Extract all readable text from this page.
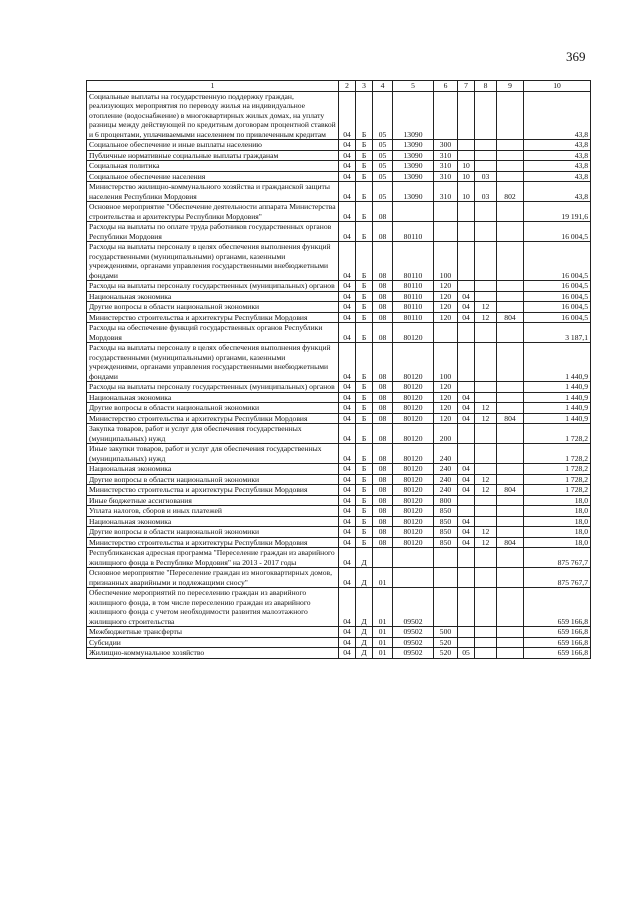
369
1	2	3	4	5	6	7	8	9	10
Социальные выплаты на государственную поддержку граждан, реализующих мероприятия по переводу жилья на индивидуальное отопление (водоснабжение) в многоквартирных жилых домах, на уплату разницы между действующей по кредитным договорам процентной ставкой и 6 процентами, уплачиваемыми населением по привлеченным кредитам	04	Б	05	13090					43,8
Социальное обеспечение и иные выплаты населению	04	Б	05	13090	300				43,8
Публичные нормативные социальные выплаты гражданам	04	Б	05	13090	310				43,8
Социальная политика	04	Б	05	13090	310	10			43,8
Социальное обеспечение населения	04	Б	05	13090	310	10	03		43,8
Министерство жилищно-коммунального хозяйства и гражданской защиты населения Республики Мордовия	04	Б	05	13090	310	10	03	802	43,8
Основное мероприятие "Обеспечение деятельности аппарата Министерства строительства и архитектуры Республики Мордовия"	04	Б	08						19 191,6
Расходы на выплаты по оплате труда работников государственных органов Республики Мордовия	04	Б	08	80110					16 004,5
Расходы на выплаты персоналу в целях обеспечения выполнения функций государственными (муниципальными) органами, казенными учреждениями, органами управления государственными внебюджетными фондами	04	Б	08	80110	100				16 004,5
Расходы на выплаты персоналу государственных (муниципальных) органов	04	Б	08	80110	120				16 004,5
Национальная экономика	04	Б	08	80110	120	04			16 004,5
Другие вопросы в области национальной экономики	04	Б	08	80110	120	04	12		16 004,5
Министерство строительства и архитектуры Республики Мордовия	04	Б	08	80110	120	04	12	804	16 004,5
Расходы на обеспечение функций государственных органов Республики Мордовия	04	Б	08	80120					3 187,1
Расходы на выплаты персоналу в целях обеспечения выполнения функций государственными (муниципальными) органами, казенными учреждениями, органами управления государственными внебюджетными фондами	04	Б	08	80120	100				1 440,9
Расходы на выплаты персоналу государственных (муниципальных) органов	04	Б	08	80120	120				1 440,9
Национальная экономика	04	Б	08	80120	120	04			1 440,9
Другие вопросы в области национальной экономики	04	Б	08	80120	120	04	12		1 440,9
Министерство строительства и архитектуры Республики Мордовия	04	Б	08	80120	120	04	12	804	1 440,9
Закупка товаров, работ и услуг для обеспечения государственных (муниципальных) нужд	04	Б	08	80120	200				1 728,2
Иные закупки товаров, работ и услуг для обеспечения государственных (муниципальных) нужд	04	Б	08	80120	240				1 728,2
Национальная экономика	04	Б	08	80120	240	04			1 728,2
Другие вопросы в области национальной экономики	04	Б	08	80120	240	04	12		1 728,2
Министерство строительства и архитектуры Республики Мордовия	04	Б	08	80120	240	04	12	804	1 728,2
Иные бюджетные ассигнования	04	Б	08	80120	800				18,0
Уплата налогов, сборов и иных платежей	04	Б	08	80120	850				18,0
Национальная экономика	04	Б	08	80120	850	04			18,0
Другие вопросы в области национальной экономики	04	Б	08	80120	850	04	12		18,0
Министерство строительства и архитектуры Республики Мордовия	04	Б	08	80120	850	04	12	804	18,0
Республиканская адресная программа "Переселение граждан из аварийного жилищного фонда в Республике Мордовия" на 2013 - 2017 годы	04	Д							875 767,7
Основное мероприятие "Переселение граждан из многоквартирных домов, признанных аварийными и подлежащими сносу"	04	Д	01						875 767,7
Обеспечение мероприятий по переселению граждан из аварийного жилищного фонда, в том числе переселению граждан из аварийного жилищного фонда с учетом необходимости развития малоэтажного жилищного строительства	04	Д	01	09502					659 166,8
Межбюджетные трансферты	04	Д	01	09502	500				659 166,8
Субсидии	04	Д	01	09502	520				659 166,8
Жилищно-коммунальное хозяйство	04	Д	01	09502	520	05			659 166,8
